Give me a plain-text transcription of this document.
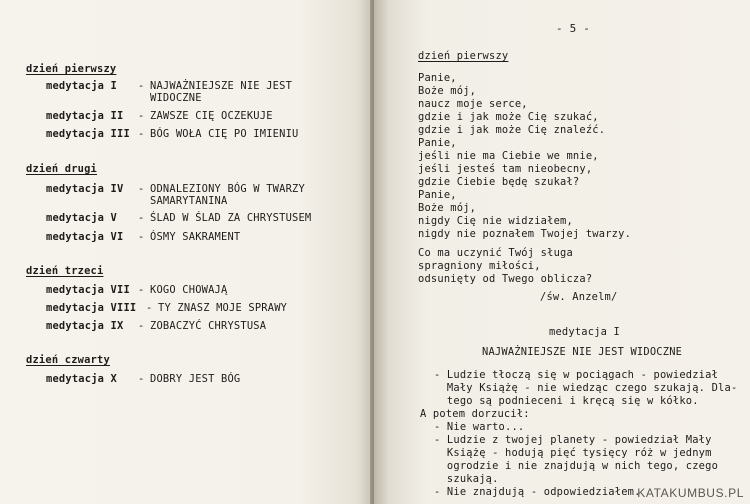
dzień pierwszy
medytacja I - NAJWAŻNIEJSZE NIE JEST
WIDOCZNE
medytacja II - ZAWSZE CIĘ OCZEKUJE
medytacja III - BÓG WOŁA CIĘ PO IMIENIU
dzień drugi
medytacja IV - ODNALEZIONY BÓG W TWARZY
SAMARYTANINA
medytacja V - ŚLAD W ŚLAD ZA CHRYSTUSEM
medytacja VI - ÓSMY SAKRAMENT
dzień trzeci
medytacja VII - KOGO CHOWAJĄ
medytacja VIII - TY ZNASZ MOJE SPRAWY
medytacja IX - ZOBACZYĆ CHRYSTUSA
dzień czwarty
medytacja X - DOBRY JEST BÓG
- 5 -
dzień pierwszy
Panie,
Boże mój,
naucz moje serce,
gdzie i jak może Cię szukać,
gdzie i jak może Cię znaleźć.
Panie,
jeśli nie ma Ciebie we mnie,
jeśli jesteś tam nieobecny,
gdzie Ciebie będę szukał?
Panie,
Boże mój,
nigdy Cię nie widziałem,
nigdy nie poznałem Twojej twarzy.
Co ma uczynić Twój sługa
spragniony miłości,
odsunięty od Twego oblicza?
/św. Anzelm/
medytacja I
NAJWAŻNIEJSZE NIE JEST WIDOCZNE
- Ludzie tłoczą się w pociągach - powiedział
Mały Książę - nie wiedząc czego szukają. Dla-
tego są podnieceni i kręcą się w kółko.
A potem dorzucił:
- Nie warto...
- Ludzie z twojej planety - powiedział Mały
Książę - hodują pięć tysięcy róż w jednym
ogrodzie i nie znajdują w nich tego, czego
szukają.
- Nie znajdują - odpowiedziałem.
KATAKUMBUS.PL
